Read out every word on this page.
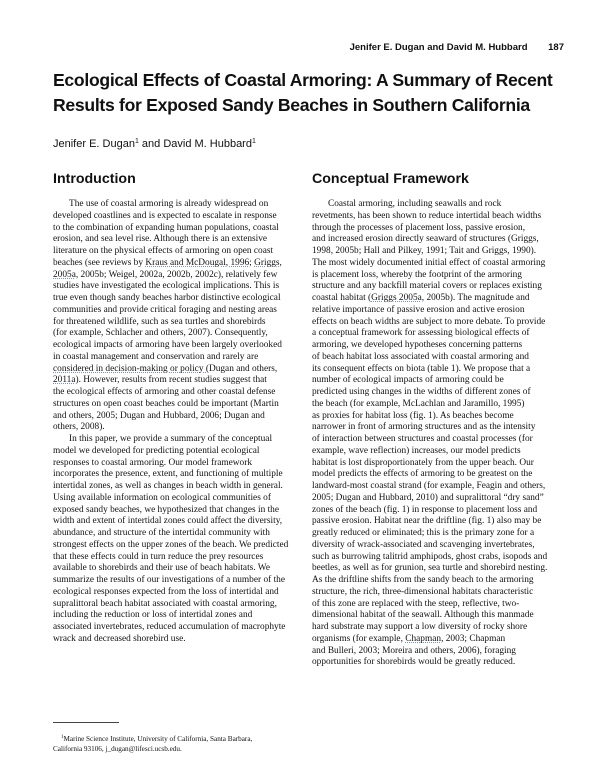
Jenifer E. Dugan and David M. Hubbard 187
Ecological Effects of Coastal Armoring: A Summary of Recent
Results for Exposed Sandy Beaches in Southern California
Jenifer E. Dugan$^1$ and David M. Hubbard$^1$
Introduction	Conceptual Framework
The use of coastal armoring is already widespread on
developed coastlines and is expected to escalate in response
to the combination of expanding human populations, coastal
erosion, and sea level rise. Although there is an extensive
literature on the physical effects of armoring on open coast
beaches (see reviews by Kraus and McDougal, 1996; Griggs,
2005a, 2005b; Weigel, 2002a, 2002b, 2002c), relatively few
studies have investigated the ecological implications. This is
true even though sandy beaches harbor distinctive ecological
communities and provide critical foraging and nesting areas
for threatened wildlife, such as sea turtles and shorebirds
(for example, Schlacher and others, 2007). Consequently,
ecological impacts of armoring have been largely overlooked
in coastal management and conservation and rarely are
considered in decision-making or policy (Dugan and others,
2011a). However, results from recent studies suggest that
the ecological effects of armoring and other coastal defense
structures on open coast beaches could be important (Martin
and others, 2005; Dugan and Hubbard, 2006; Dugan and
others, 2008).
In this paper, we provide a summary of the conceptual
model we developed for predicting potential ecological
responses to coastal armoring. Our model framework
incorporates the presence, extent, and functioning of multiple
intertidal zones, as well as changes in beach width in general.
Using available information on ecological communities of
exposed sandy beaches, we hypothesized that changes in the
width and extent of intertidal zones could affect the diversity,
abundance, and structure of the intertidal community with
strongest effects on the upper zones of the beach. We predicted
that these effects could in turn reduce the prey resources
available to shorebirds and their use of beach habitats. We
summarize the results of our investigations of a number of the
ecological responses expected from the loss of intertidal and
supralittoral beach habitat associated with coastal armoring,
including the reduction or loss of intertidal zones and
associated invertebrates, reduced accumulation of macrophyte
wrack and decreased shorebird use.
Coastal armoring, including seawalls and rock
revetments, has been shown to reduce intertidal beach widths
through the processes of placement loss, passive erosion,
and increased erosion directly seaward of structures (Griggs,
1998, 2005b; Hall and Pilkey, 1991; Tait and Griggs, 1990).
The most widely documented initial effect of coastal armoring
is placement loss, whereby the footprint of the armoring
structure and any backfill material covers or replaces existing
coastal habitat (Griggs 2005a, 2005b). The magnitude and
relative importance of passive erosion and active erosion
effects on beach widths are subject to more debate. To provide
a conceptual framework for assessing biological effects of
armoring, we developed hypotheses concerning patterns
of beach habitat loss associated with coastal armoring and
its consequent effects on biota (table 1). We propose that a
number of ecological impacts of armoring could be
predicted using changes in the widths of different zones of
the beach (for example, McLachlan and Jaramillo, 1995)
as proxies for habitat loss (fig. 1). As beaches become
narrower in front of armoring structures and as the intensity
of interaction between structures and coastal processes (for
example, wave reflection) increases, our model predicts
habitat is lost disproportionately from the upper beach. Our
model predicts the effects of armoring to be greatest on the
landward-most coastal strand (for example, Feagin and others,
2005; Dugan and Hubbard, 2010) and supralittoral “dry sand”
zones of the beach (fig. 1) in response to placement loss and
passive erosion. Habitat near the driftline (fig. 1) also may be
greatly reduced or eliminated; this is the primary zone for a
diversity of wrack-associated and scavenging invertebrates,
such as burrowing talitrid amphipods, ghost crabs, isopods and
beetles, as well as for grunion, sea turtle and shorebird nesting.
As the driftline shifts from the sandy beach to the armoring
structure, the rich, three-dimensional habitats characteristic
of this zone are replaced with the steep, reflective, two-
dimensional habitat of the seawall. Although this manmade
hard substrate may support a low diversity of rocky shore
organisms (for example, Chapman, 2003; Chapman
and Bulleri, 2003; Moreira and others, 2006), foraging
opportunities for shorebirds would be greatly reduced.
$^1$Marine Science Institute, University of California, Santa Barbara,
California 93106, j_dugan@lifesci.ucsb.edu.
